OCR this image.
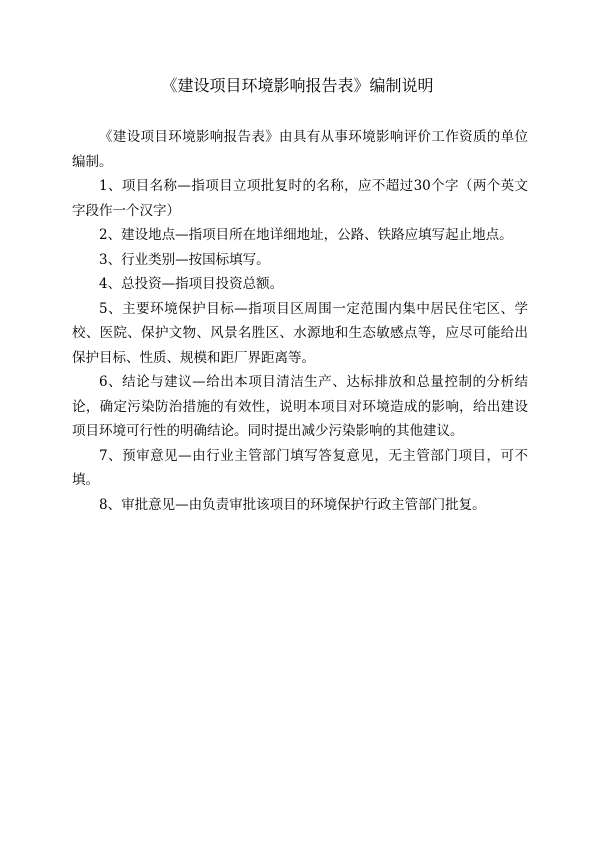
《建设项目环境影响报告表》编制说明

《建设项目环境影响报告表》由具有从事环境影响评价工作资质的单位编制。

1、项目名称—指项目立项批复时的名称，应不超过30个字（两个英文字段作一个汉字）

2、建设地点—指项目所在地详细地址，公路、铁路应填写起止地点。

3、行业类别—按国标填写。

4、总投资—指项目投资总额。

5、主要环境保护目标—指项目区周围一定范围内集中居民住宅区、学校、医院、保护文物、风景名胜区、水源地和生态敏感点等，应尽可能给出保护目标、性质、规模和距厂界距离等。

6、结论与建议—给出本项目清洁生产、达标排放和总量控制的分析结论，确定污染防治措施的有效性，说明本项目对环境造成的影响，给出建设项目环境可行性的明确结论。同时提出减少污染影响的其他建议。

7、预审意见—由行业主管部门填写答复意见，无主管部门项目，可不填。

8、审批意见—由负责审批该项目的环境保护行政主管部门批复。
